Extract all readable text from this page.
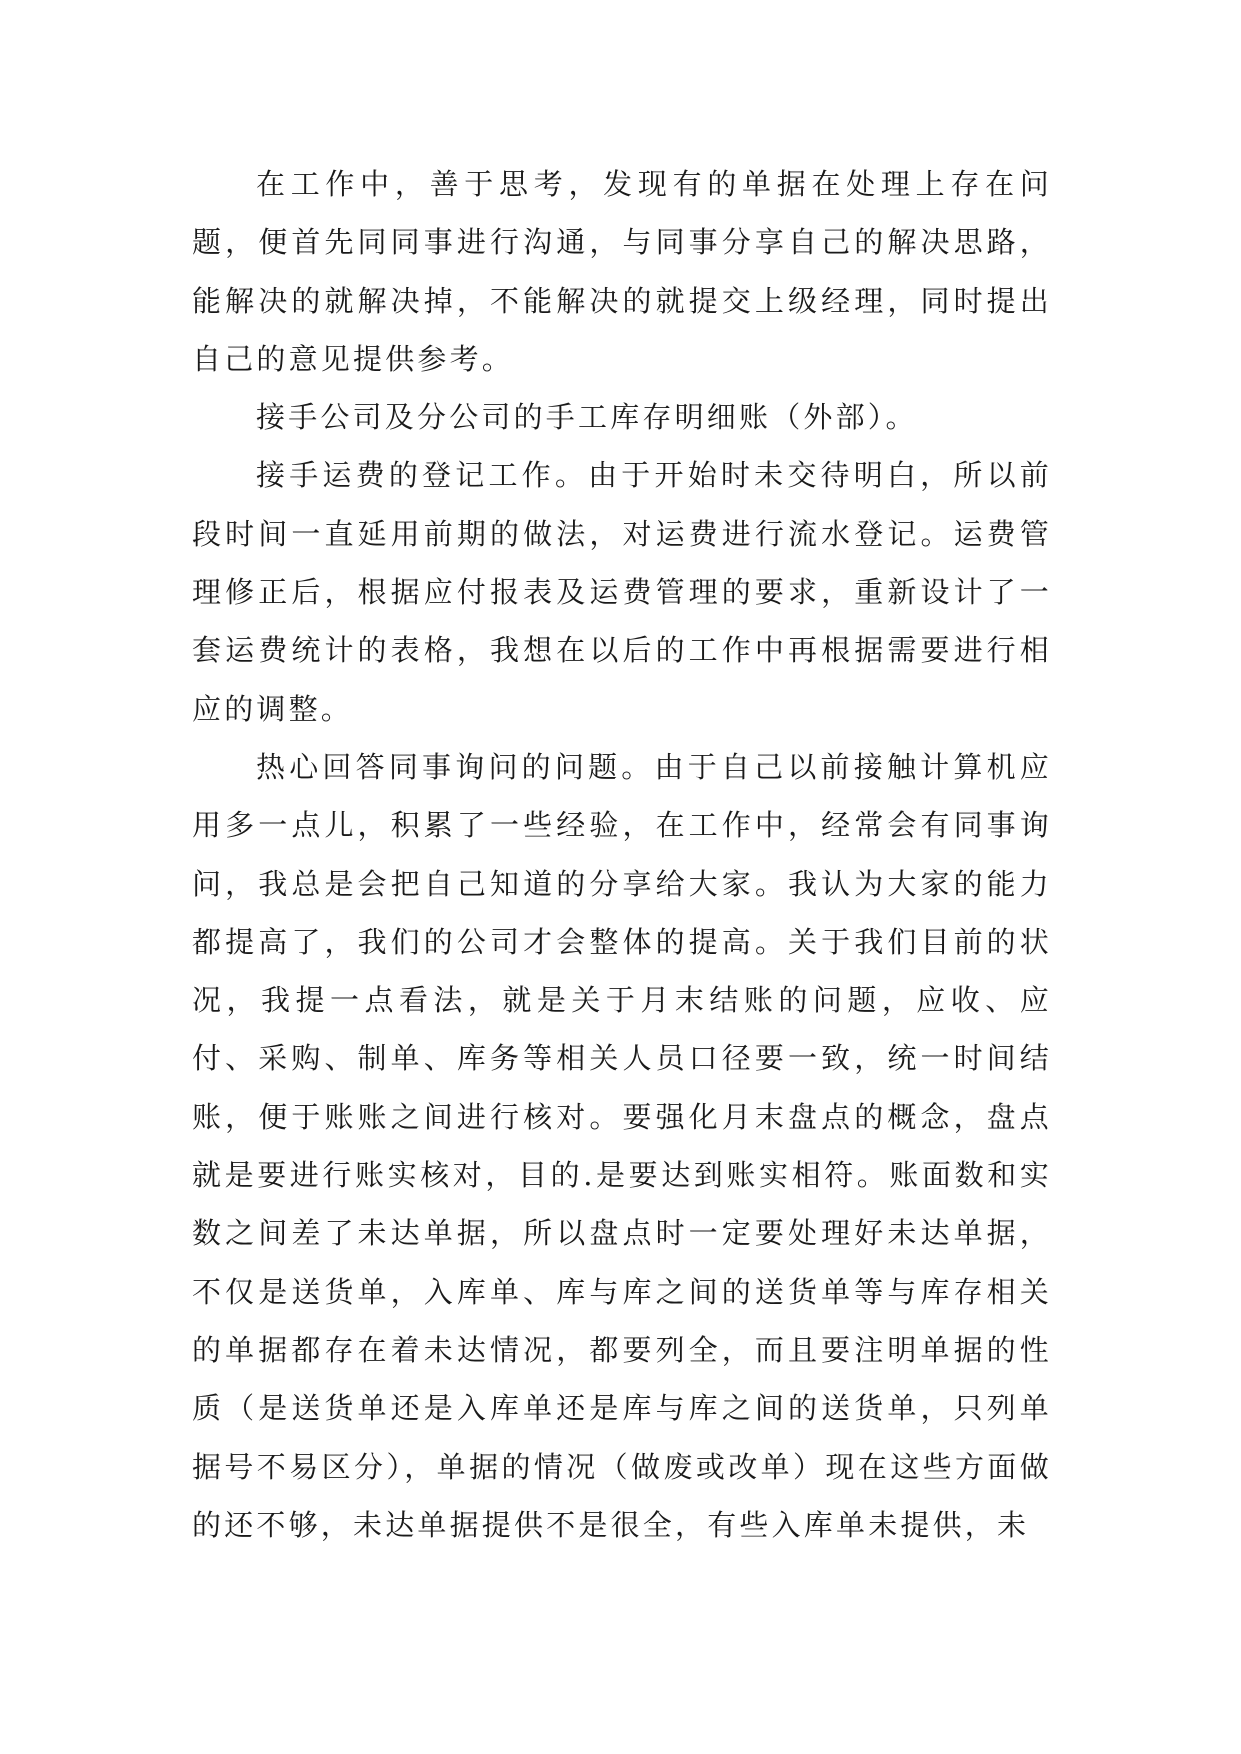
在工作中，善于思考，发现有的单据在处理上存在问题，便首先同同事进行沟通，与同事分享自己的解决思路，能解决的就解决掉，不能解决的就提交上级经理，同时提出自己的意见提供参考。

接手公司及分公司的手工库存明细账（外部）。

接手运费的登记工作。由于开始时未交待明白，所以前段时间一直延用前期的做法，对运费进行流水登记。运费管理修正后，根据应付报表及运费管理的要求，重新设计了一套运费统计的表格，我想在以后的工作中再根据需要进行相应的调整。

热心回答同事询问的问题。由于自己以前接触计算机应用多一点儿，积累了一些经验，在工作中，经常会有同事询问，我总是会把自己知道的分享给大家。我认为大家的能力都提高了，我们的公司才会整体的提高。关于我们目前的状况，我提一点看法，就是关于月末结账的问题，应收、应付、采购、制单、库务等相关人员口径要一致，统一时间结账，便于账账之间进行核对。要强化月末盘点的概念，盘点就是要进行账实核对，目的.是要达到账实相符。账面数和实数之间差了未达单据，所以盘点时一定要处理好未达单据，不仅是送货单，入库单、库与库之间的送货单等与库存相关的单据都存在着未达情况，都要列全，而且要注明单据的性质（是送货单还是入库单还是库与库之间的送货单，只列单据号不易区分），单据的情况（做废或改单）现在这些方面做的还不够，未达单据提供不是很全，有些入库单未提供，未
